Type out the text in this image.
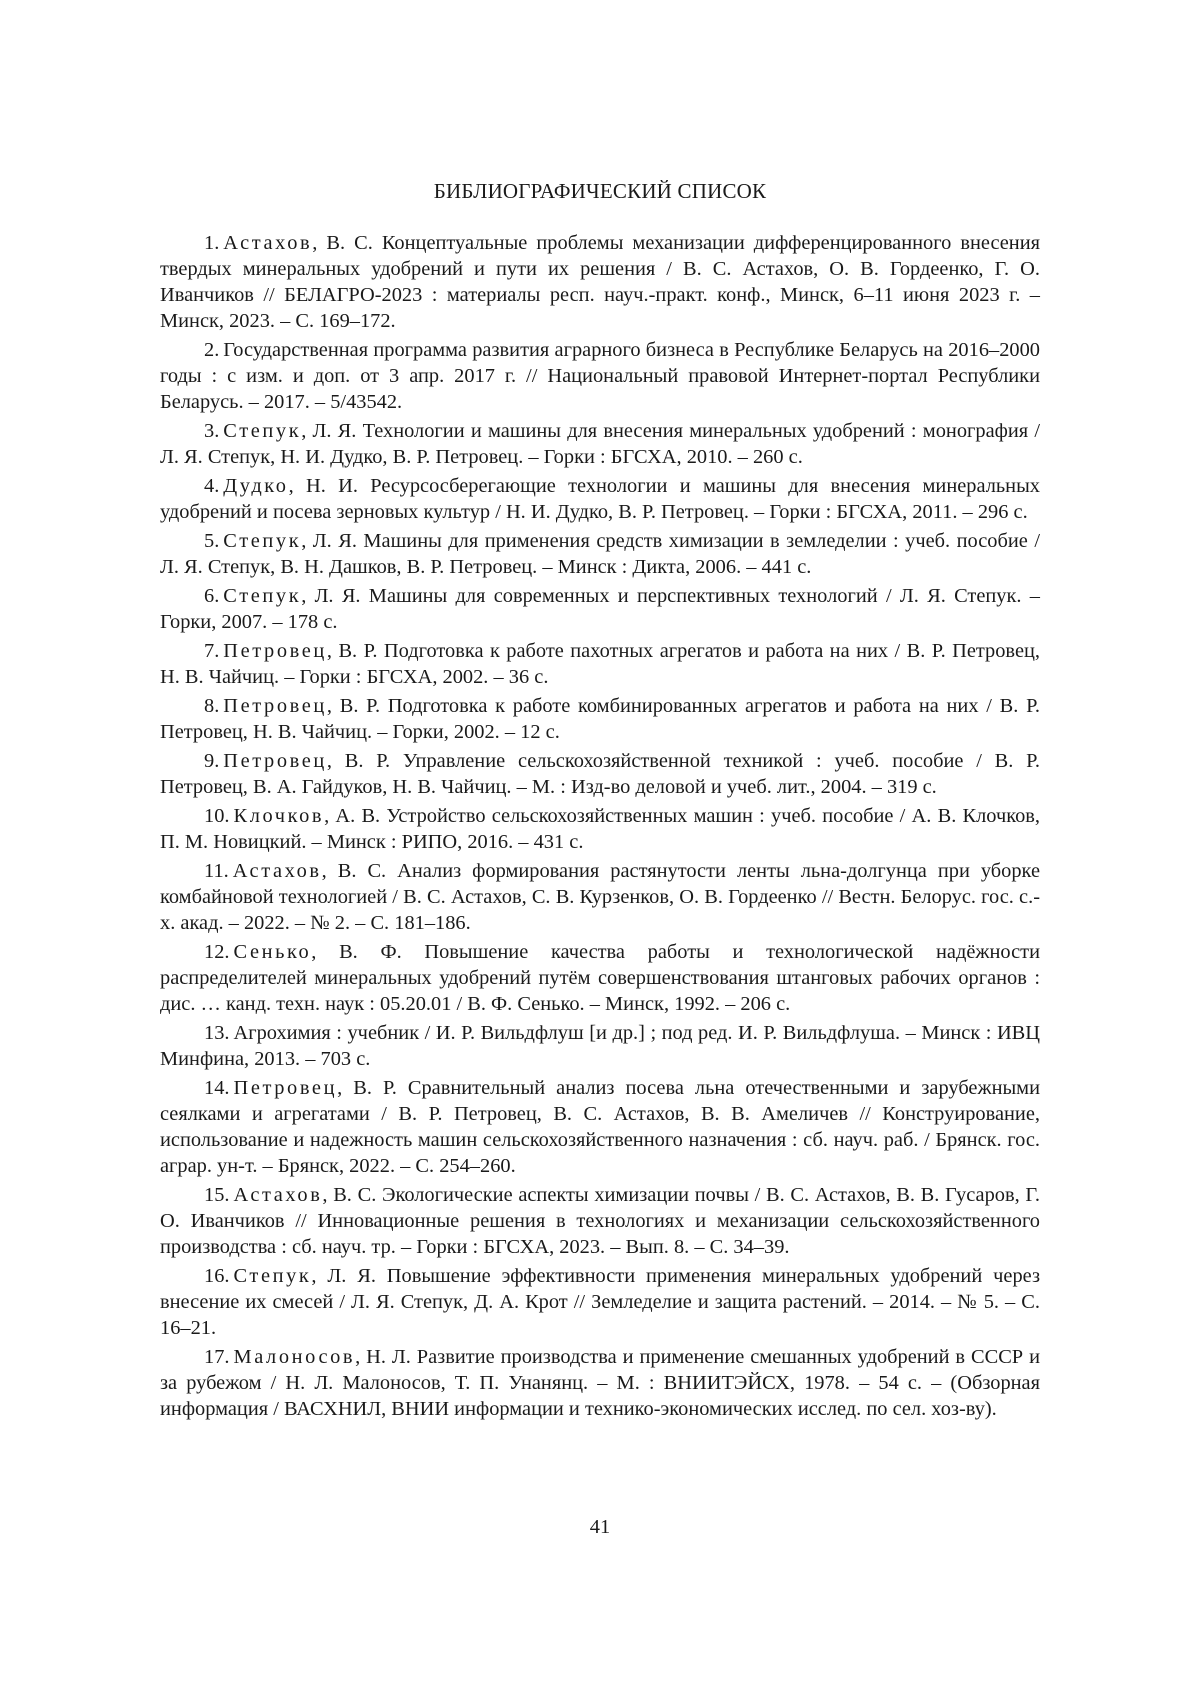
БИБЛИОГРАФИЧЕСКИЙ СПИСОК

1. Астахов, В. С. Концептуальные проблемы механизации дифференцированного внесения твердых минеральных удобрений и пути их решения / В. С. Астахов, О. В. Гордеенко, Г. О. Иванчиков // БЕЛАГРО-2023 : материалы респ. науч.-практ. конф., Минск, 6–11 июня 2023 г. – Минск, 2023. – С. 169–172.

2. Государственная программа развития аграрного бизнеса в Республике Беларусь на 2016–2000 годы : с изм. и доп. от 3 апр. 2017 г. // Национальный правовой Интернет-портал Республики Беларусь. – 2017. – 5/43542.

3. Степук, Л. Я. Технологии и машины для внесения минеральных удобрений : монография / Л. Я. Степук, Н. И. Дудко, В. Р. Петровец. – Горки : БГСХА, 2010. – 260 с.

4. Дудко, Н. И. Ресурсосберегающие технологии и машины для внесения минеральных удобрений и посева зерновых культур / Н. И. Дудко, В. Р. Петровец. – Горки : БГСХА, 2011. – 296 с.

5. Степук, Л. Я. Машины для применения средств химизации в земледелии : учеб. пособие / Л. Я. Степук, В. Н. Дашков, В. Р. Петровец. – Минск : Дикта, 2006. – 441 с.

6. Степук, Л. Я. Машины для современных и перспективных технологий / Л. Я. Степук. – Горки, 2007. – 178 с.

7. Петровец, В. Р. Подготовка к работе пахотных агрегатов и работа на них / В. Р. Петровец, Н. В. Чайчиц. – Горки : БГСХА, 2002. – 36 с.

8. Петровец, В. Р. Подготовка к работе комбинированных агрегатов и работа на них / В. Р. Петровец, Н. В. Чайчиц. – Горки, 2002. – 12 с.

9. Петровец, В. Р. Управление сельскохозяйственной техникой : учеб. пособие / В. Р. Петровец, В. А. Гайдуков, Н. В. Чайчиц. – М. : Изд-во деловой и учеб. лит., 2004. – 319 с.

10. Клочков, А. В. Устройство сельскохозяйственных машин : учеб. пособие / А. В. Клочков, П. М. Новицкий. – Минск : РИПО, 2016. – 431 с.

11. Астахов, В. С. Анализ формирования растянутости ленты льна-долгунца при уборке комбайновой технологией / В. С. Астахов, С. В. Курзенков, О. В. Гордеенко // Вестн. Белорус. гос. с.-х. акад. – 2022. – № 2. – С. 181–186.

12. Сенько, В. Ф. Повышение качества работы и технологической надёжности распределителей минеральных удобрений путём совершенствования штанговых рабочих органов : дис. … канд. техн. наук : 05.20.01 / В. Ф. Сенько. – Минск, 1992. – 206 с.

13. Агрохимия : учебник / И. Р. Вильдфлуш [и др.] ; под ред. И. Р. Вильдфлуша. – Минск : ИВЦ Минфина, 2013. – 703 с.

14. Петровец, В. Р. Сравнительный анализ посева льна отечественными и зарубежными сеялками и агрегатами / В. Р. Петровец, В. С. Астахов, В. В. Амеличев // Конструирование, использование и надежность машин сельскохозяйственного назначения : сб. науч. раб. / Брянск. гос. аграр. ун-т. – Брянск, 2022. – С. 254–260.

15. Астахов, В. С. Экологические аспекты химизации почвы / В. С. Астахов, В. В. Гусаров, Г. О. Иванчиков // Инновационные решения в технологиях и механизации сельскохозяйственного производства : сб. науч. тр. – Горки : БГСХА, 2023. – Вып. 8. – С. 34–39.

16. Степук, Л. Я. Повышение эффективности применения минеральных удобрений через внесение их смесей / Л. Я. Степук, Д. А. Крот // Земледелие и защита растений. – 2014. – № 5. – С. 16–21.

17. Малоносов, Н. Л. Развитие производства и применение смешанных удобрений в СССР и за рубежом / Н. Л. Малоносов, Т. П. Унанянц. – М. : ВНИИТЭЙСХ, 1978. – 54 с. – (Обзорная информация / ВАСХНИЛ, ВНИИ информации и технико-экономических исслед. по сел. хоз-ву).

41
